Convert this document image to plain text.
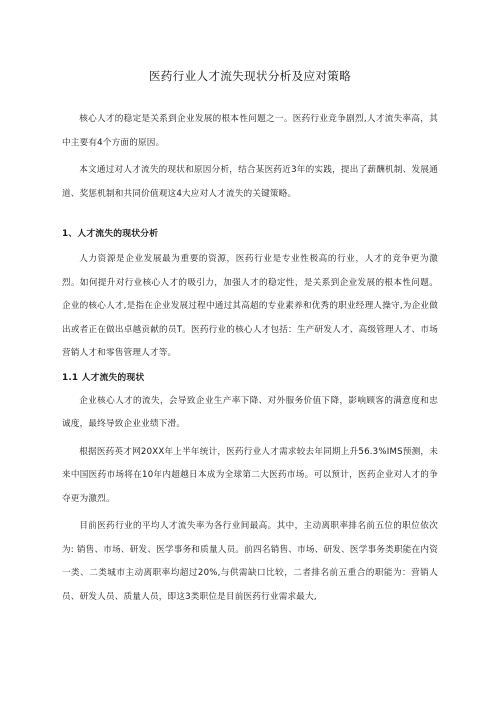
医药行业人才流失现状分析及应对策略

核心人才的稳定是关系到企业发展的根本性问题之一。医药行业竞争剧烈,人才流失率高，其中主要有4个方面的原因。

本文通过对人才流失的现状和原因分析，结合某医药近3年的实践，提出了薪酬机制、发展通道、奖惩机制和共同价值观这4大应对人才流失的关键策略。

1、人才流失的现状分析

人力资源是企业发展最为重要的资源，医药行业是专业性极高的行业，人才的竞争更为激烈。如何提升对行业核心人才的吸引力，加强人才的稳定性，是关系到企业发展的根本性问题。企业的核心人才,是指在企业发展过程中通过其高超的专业素养和优秀的职业经理人操守,为企业做出或者正在做出卓越贡献的员T。医药行业的核心人才包括：生产研发人才、高级管理人才、市场营销人才和零售管理人才等。

1.1 人才流失的现状

企业核心人才的流失，会导致企业生产率下降、对外服务价值下降，影响顾客的满意度和忠诚度，最终导致企业业绩下滑。

根据医药英才网20XX年上半年统计，医药行业人才需求较去年同期上升56.3%IMS预测，未来中国医药市场将在10年内超越日本成为全球第二大医药市场。可以预计，医药企业对人才的争夺更为激烈。

目前医药行业的平均人才流失率为各行业间最高。其中，主动离职率排名前五位的职位依次为: 销售、市场、研发、医学事务和质量人员。前四名销售、市场、研发、医学事务类职能在内资一类、二类城市主动离职率均超过20%,与供需缺口比较，二者排名前五重合的职能为：营销人员、研发人员、质量人员，即这3类职位是目前医药行业需求最大,
